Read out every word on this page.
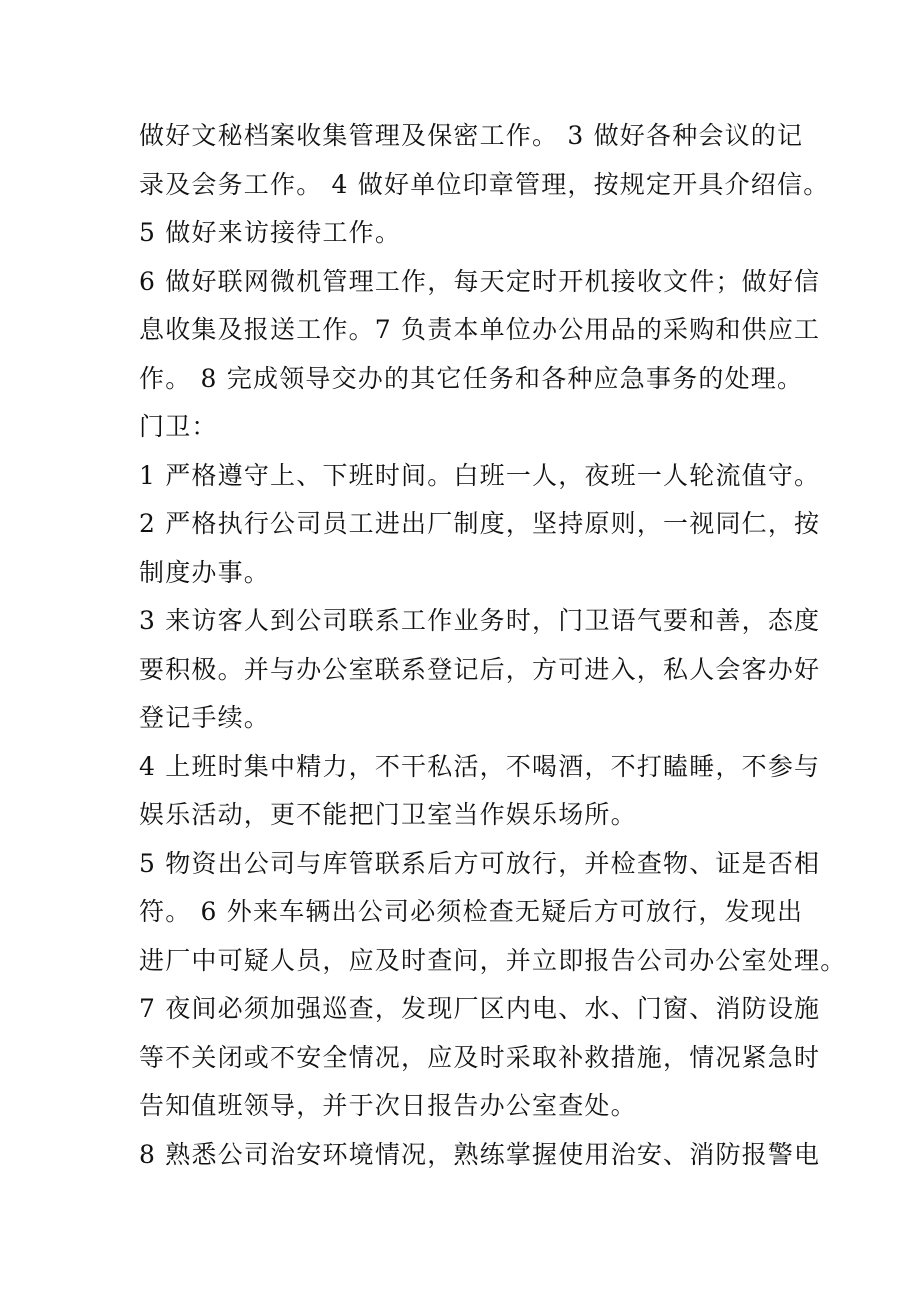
做好文秘档案收集管理及保密工作。 3 做好各种会议的记
录及会务工作。 4 做好单位印章管理，按规定开具介绍信。
5 做好来访接待工作。
6 做好联网微机管理工作，每天定时开机接收文件；做好信
息收集及报送工作。7 负责本单位办公用品的采购和供应工
作。 8 完成领导交办的其它任务和各种应急事务的处理。
门卫：
1 严格遵守上、下班时间。白班一人，夜班一人轮流值守。
2 严格执行公司员工进出厂制度，坚持原则，一视同仁，按
制度办事。
3 来访客人到公司联系工作业务时，门卫语气要和善，态度
要积极。并与办公室联系登记后，方可进入，私人会客办好
登记手续。
4 上班时集中精力，不干私活，不喝酒，不打瞌睡，不参与
娱乐活动，更不能把门卫室当作娱乐场所。
5 物资出公司与库管联系后方可放行，并检查物、证是否相
符。 6 外来车辆出公司必须检查无疑后方可放行，发现出
进厂中可疑人员，应及时查问，并立即报告公司办公室处理。
7 夜间必须加强巡查，发现厂区内电、水、门窗、消防设施
等不关闭或不安全情况，应及时采取补救措施，情况紧急时
告知值班领导，并于次日报告办公室查处。
8 熟悉公司治安环境情况，熟练掌握使用治安、消防报警电
